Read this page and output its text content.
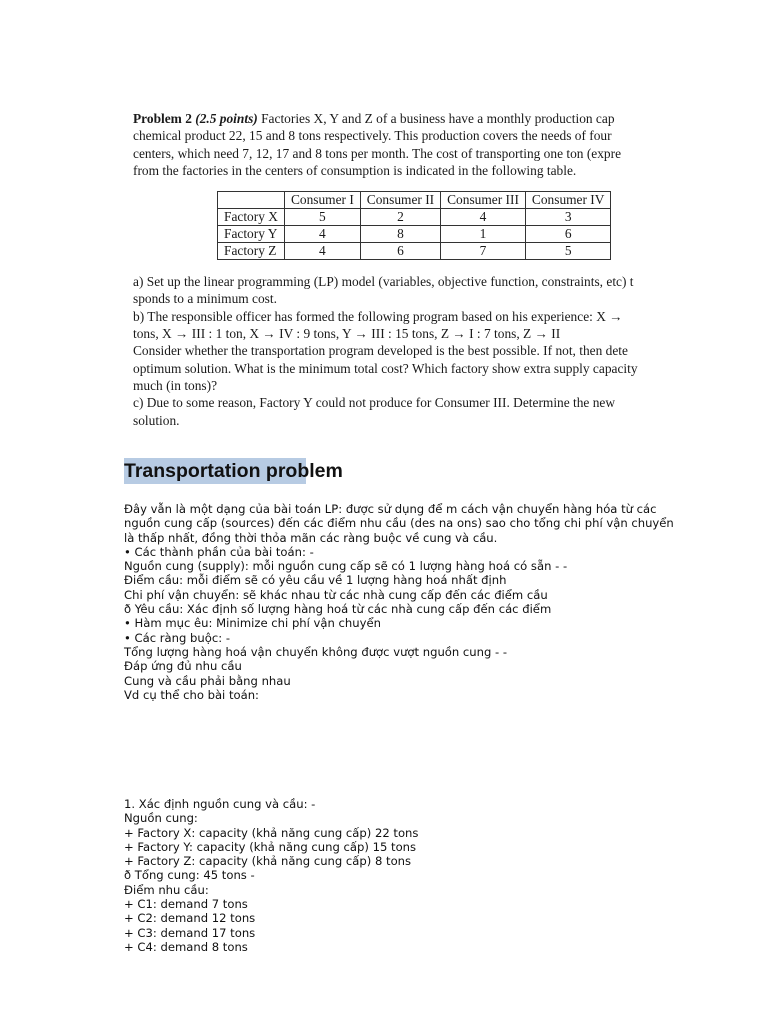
Problem 2 (2.5 points) Factories X, Y and Z of a business have a monthly production cap

chemical product 22, 15 and 8 tons respectively. This production covers the needs of four

centers, which need 7, 12, 17 and 8 tons per month. The cost of transporting one ton (expre

from the factories in the centers of consumption is indicated in the following table.

	Consumer I	Consumer II	Consumer III	Consumer IV
Factory X	5	2	4	3
Factory Y	4	8	1	6
Factory Z	4	6	7	5

a) Set up the linear programming (LP) model (variables, objective function, constraints, etc) t

sponds to a minimum cost.

b) The responsible officer has formed the following program based on his experience: X →

tons, X → III : 1 ton, X → IV : 9 tons, Y → III : 15 tons, Z → I : 7 tons, Z → II

Consider whether the transportation program developed is the best possible. If not, then dete

optimum solution. What is the minimum total cost? Which factory show extra supply capacity

much (in tons)?

c) Due to some reason, Factory Y could not produce for Consumer III. Determine the new

solution.

Transportation problem

Đây vẫn là một dạng của bài toán LP: được sử dụng để m cách vận chuyển hàng hóa từ các

nguồn cung cấp (sources) đến các điểm nhu cầu (des na ons) sao cho tổng chi phí vận chuyển

là thấp nhất, đồng thời thỏa mãn các ràng buộc về cung và cầu.

• Các thành phần của bài toán: -

Nguồn cung (supply): mỗi nguồn cung cấp sẽ có 1 lượng hàng hoá có sẵn - -

Điểm cầu: mỗi điểm sẽ có yêu cầu về 1 lượng hàng hoá nhất định

Chi phí vận chuyển: sẽ khác nhau từ các nhà cung cấp đến các điểm cầu

ð Yêu cầu: Xác định số lượng hàng hoá từ các nhà cung cấp đến các điểm

• Hàm mục êu: Minimize chi phí vận chuyển

• Các ràng buộc: -

Tổng lượng hàng hoá vận chuyển không được vượt nguồn cung - -

Đáp ứng đủ nhu cầu

Cung và cầu phải bằng nhau

Vd cụ thể cho bài toán:

1. Xác định nguồn cung và cầu: -

Nguồn cung:

+ Factory X: capacity (khả năng cung cấp) 22 tons

+ Factory Y: capacity (khả năng cung cấp) 15 tons

+ Factory Z: capacity (khả năng cung cấp) 8 tons

ð Tổng cung: 45 tons -

Điểm nhu cầu:

+ C1: demand 7 tons

+ C2: demand 12 tons

+ C3: demand 17 tons

+ C4: demand 8 tons
